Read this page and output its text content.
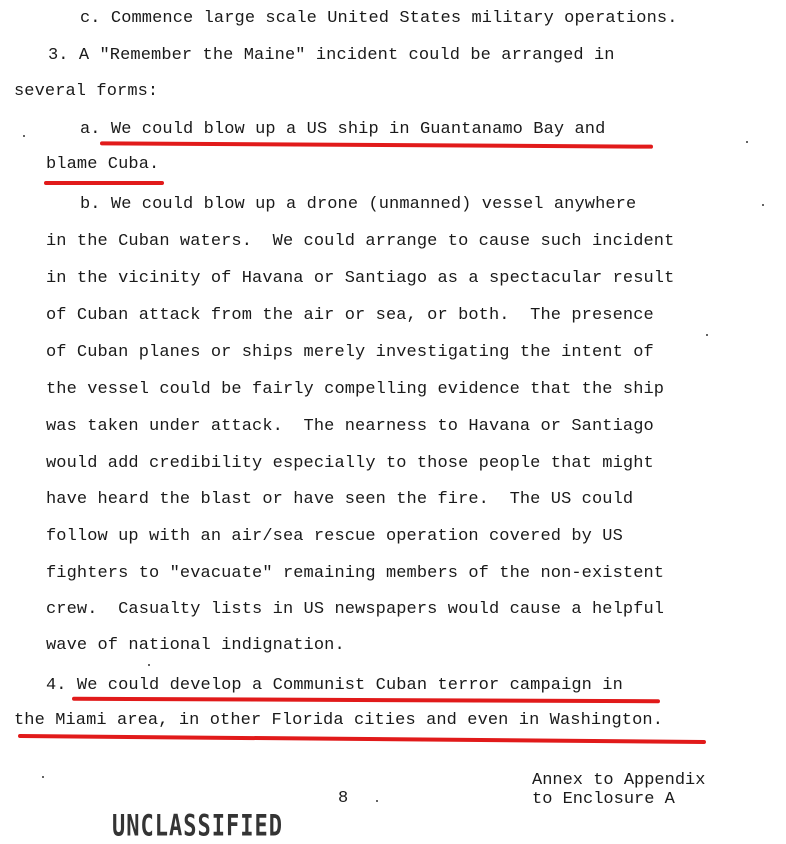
c. Commence large scale United States military operations.
3. A "Remember the Maine" incident could be arranged in
several forms:
a. We could blow up a US ship in Guantanamo Bay and
blame Cuba.
b. We could blow up a drone (unmanned) vessel anywhere
in the Cuban waters.  We could arrange to cause such incident
in the vicinity of Havana or Santiago as a spectacular result
of Cuban attack from the air or sea, or both.  The presence
of Cuban planes or ships merely investigating the intent of
the vessel could be fairly compelling evidence that the ship
was taken under attack.  The nearness to Havana or Santiago
would add credibility especially to those people that might
have heard the blast or have seen the fire.  The US could
follow up with an air/sea rescue operation covered by US
fighters to "evacuate" remaining members of the non-existent
crew.  Casualty lists in US newspapers would cause a helpful
wave of national indignation.
4. We could develop a Communist Cuban terror campaign in
the Miami area, in other Florida cities and even in Washington.
8
Annex to Appendix
to Enclosure A
UNCLASSIFIED
